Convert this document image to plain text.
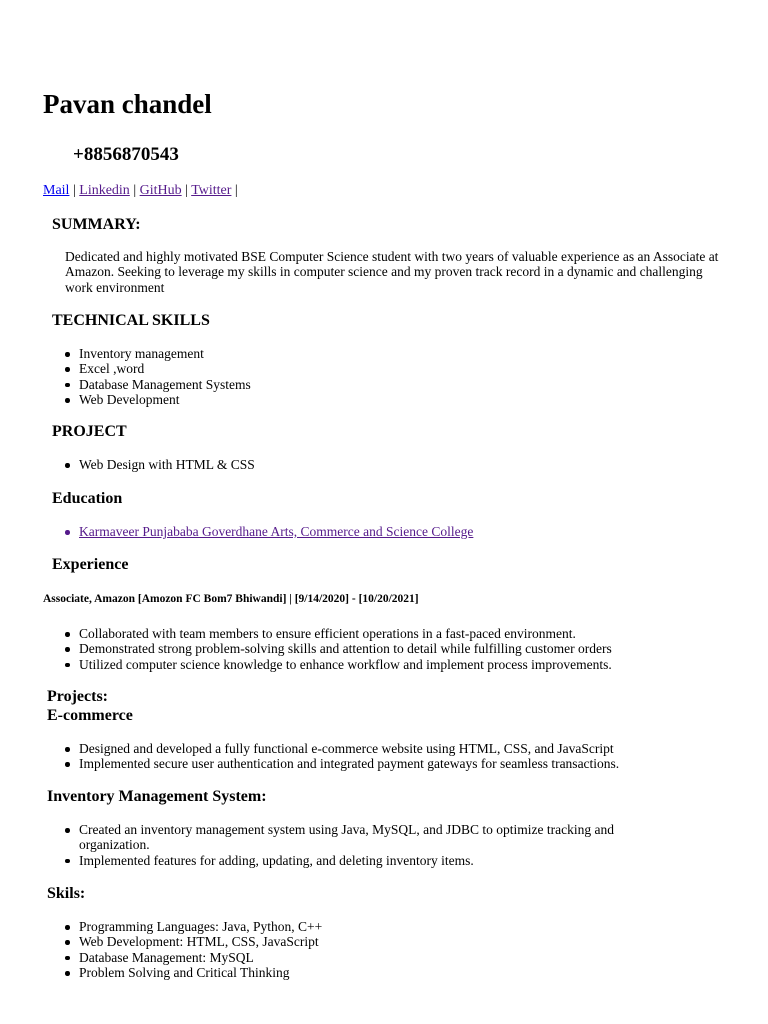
Pavan chandel
+8856870543
Mail | Linkedin | GitHub | Twitter |
SUMMARY:
Dedicated and highly motivated BSE Computer Science student with two years of valuable experience as an Associate at Amazon. Seeking to leverage my skills in computer science and my proven track record in a dynamic and challenging work environment
TECHNICAL SKILLS
Inventory management
Excel ,word
Database Management Systems
Web Development
PROJECT
Web Design with HTML & CSS
Education
Karmaveer Punjababa Goverdhane Arts, Commerce and Science College
Experience
Associate, Amazon [Amozon FC Bom7 Bhiwandi] | [9/14/2020] - [10/20/2021]
Collaborated with team members to ensure efficient operations in a fast-paced environment.
Demonstrated strong problem-solving skills and attention to detail while fulfilling customer orders
Utilized computer science knowledge to enhance workflow and implement process improvements.
Projects:
E-commerce
Designed and developed a fully functional e-commerce website using HTML, CSS, and JavaScript
Implemented secure user authentication and integrated payment gateways for seamless transactions.
Inventory Management System:
Created an inventory management system using Java, MySQL, and JDBC to optimize tracking and organization.
Implemented features for adding, updating, and deleting inventory items.
Skils:
Programming Languages: Java, Python, C++
Web Development: HTML, CSS, JavaScript
Database Management: MySQL
Problem Solving and Critical Thinking
